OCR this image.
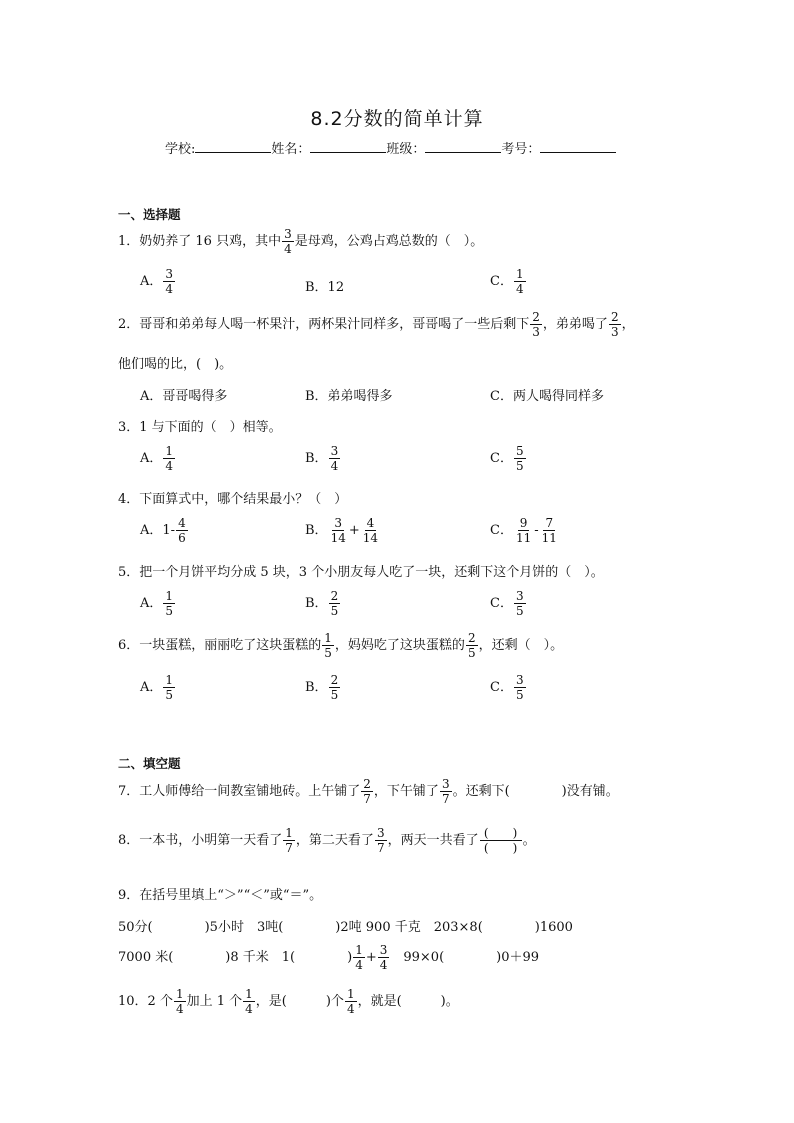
8.2分数的简单计算
学校:	姓名：	班级：	考号：
一、选择题
1．奶奶养了 16 只鸡，其中 $\frac{3}{4}$ 是母鸡，公鸡占鸡总数的（　）。
A． $\frac{3}{4}$	B．12	C． $\frac{1}{4}$
2．哥哥和弟弟每人喝一杯果汁，两杯果汁同样多，哥哥喝了一些后剩下 $\frac{2}{3}$ ，弟弟喝了 $\frac{2}{3}$ ，
他们喝的比，(　)。
A．哥哥喝得多	B．弟弟喝得多	C．两人喝得同样多
3．1 与下面的（　）相等。
A． $\frac{1}{4}$	B． $\frac{3}{4}$	C． $\frac{5}{5}$
4．下面算式中，哪个结果最小？（　）
A．$1- \frac{4}{6}$	B． $\frac{3}{14} + \frac{4}{14}$	C． $\frac{9}{11} - \frac{7}{11}$
5．把一个月饼平均分成 5 块，3 个小朋友每人吃了一块，还剩下这个月饼的（　）。
A． $\frac{1}{5}$	B． $\frac{2}{5}$	C． $\frac{3}{5}$
6．一块蛋糕，丽丽吃了这块蛋糕的 $\frac{1}{5}$ ，妈妈吃了这块蛋糕的 $\frac{2}{5}$ ，还剩（　）。
A． $\frac{1}{5}$	B． $\frac{2}{5}$	C． $\frac{3}{5}$
二、填空题
7．工人师傅给一间教室铺地砖。上午铺了 $\frac{2}{7}$ ，下午铺了 $\frac{3}{7}$ 。还剩下(　　　　)没有铺。
8．一本书，小明第一天看了 $\frac{1}{7}$ ，第二天看了 $\frac{3}{7}$ ，两天一共看了 $\frac{( )}{( )}$ 。
9．在括号里填上“＞”“＜”或“＝”。
50分(　　　　)5小时　3吨(　　　　)2吨 900 千克　203×8(　　　　)1600
7000 米(　　　　)8 千米　1(　　　　) $\frac{1}{4} + \frac{3}{4}$ 　99×0(　　　　)0＋99
10．2 个 $\frac{1}{4}$ 加上 1 个 $\frac{1}{4}$ ，是(　　　)个 $\frac{1}{4}$ ，就是(　　　)。
